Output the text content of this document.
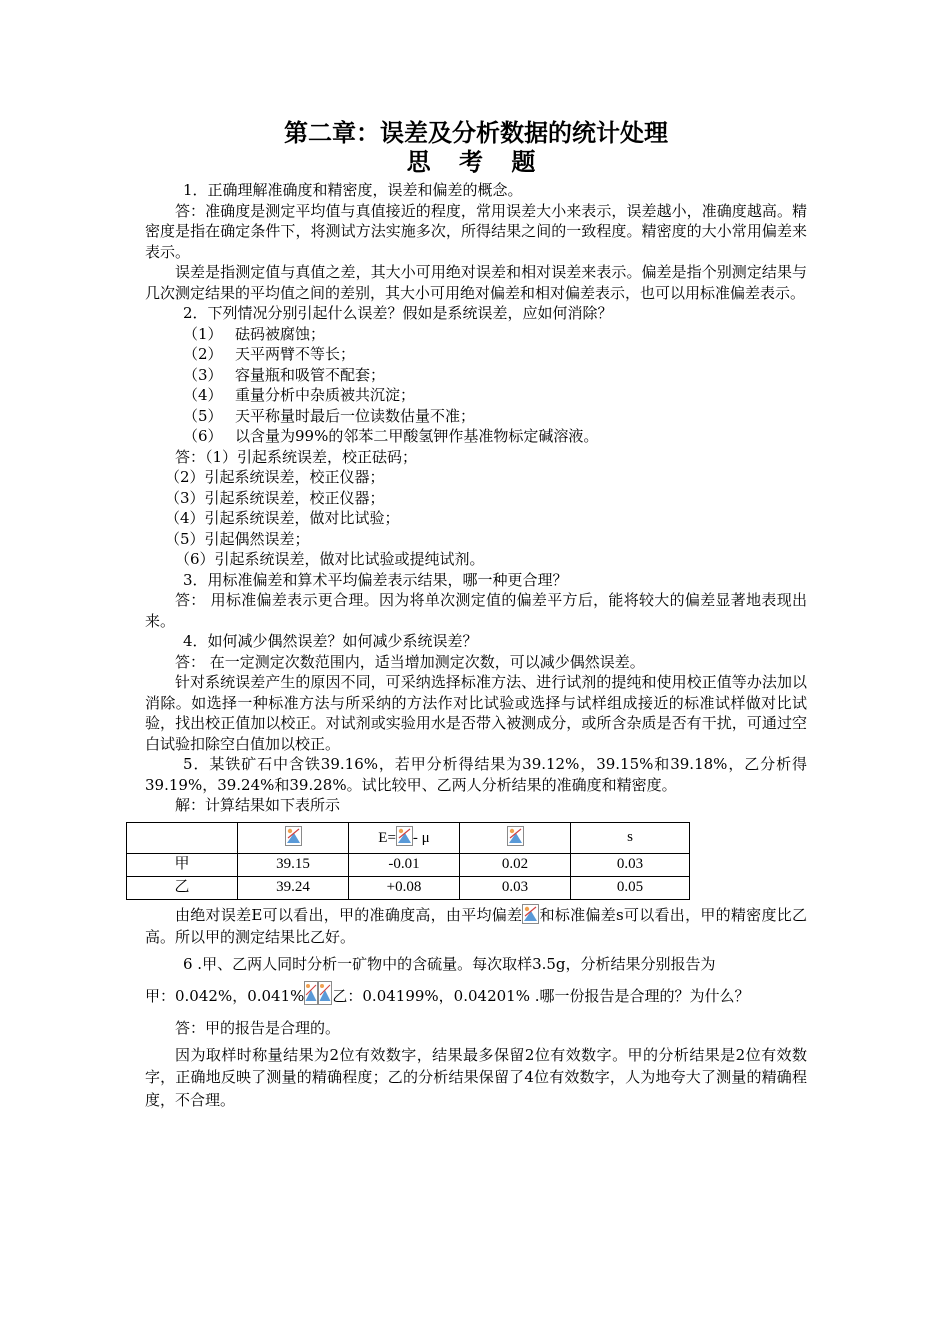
第二章：误差及分析数据的统计处理
思 考 题

1．正确理解准确度和精密度，误差和偏差的概念。

答：准确度是测定平均值与真值接近的程度，常用误差大小来表示，误差越小，准确度越高。精密度是指在确定条件下，将测试方法实施多次，所得结果之间的一致程度。精密度的大小常用偏差来表示。

误差是指测定值与真值之差，其大小可用绝对误差和相对误差来表示。偏差是指个别测定结果与几次测定结果的平均值之间的差别，其大小可用绝对偏差和相对偏差表示，也可以用标准偏差表示。

2．下列情况分别引起什么误差？假如是系统误差，应如何消除？

（1） 砝码被腐蚀；

（2） 天平两臂不等长；

（3） 容量瓶和吸管不配套；

（4） 重量分析中杂质被共沉淀；

（5） 天平称量时最后一位读数估量不准；

（6） 以含量为99%的邻苯二甲酸氢钾作基准物标定碱溶液。

答：（1）引起系统误差，校正砝码；

（2）引起系统误差，校正仪器；

（3）引起系统误差，校正仪器；

（4）引起系统误差，做对比试验；

（5）引起偶然误差；

（6）引起系统误差，做对比试验或提纯试剂。

3．用标准偏差和算术平均偏差表示结果，哪一种更合理？

答： 用标准偏差表示更合理。因为将单次测定值的偏差平方后，能将较大的偏差显著地表现出来。

4．如何减少偶然误差？如何减少系统误差？

答： 在一定测定次数范围内，适当增加测定次数，可以减少偶然误差。

针对系统误差产生的原因不同，可采纳选择标准方法、进行试剂的提纯和使用校正值等办法加以消除。如选择一种标准方法与所采纳的方法作对比试验或选择与试样组成接近的标准试样做对比试验，找出校正值加以校正。对试剂或实验用水是否带入被测成分，或所含杂质是否有干扰，可通过空白试验扣除空白值加以校正。

5．某铁矿石中含铁39.16%，若甲分析得结果为39.12%，39.15%和39.18%，乙分析得39.19%，39.24%和39.28%。试比较甲、乙两人分析结果的准确度和精密度。

解：计算结果如下表所示

	E= - μ		s
甲	39.15	-0.01	0.02	0.03
乙	39.24	+0.08	0.03	0.05

由绝对误差E可以看出，甲的准确度高，由平均偏差 和标准偏差s可以看出，甲的精密度比乙高。所以甲的测定结果比乙好。

6 .甲、乙两人同时分析一矿物中的含硫量。每次取样3.5g，分析结果分别报告为

甲：0.042%，0.041% 乙：0.04199%，0.04201% .哪一份报告是合理的？为什么？

答：甲的报告是合理的。

因为取样时称量结果为2位有效数字，结果最多保留2位有效数字。甲的分析结果是2位有效数字，正确地反映了测量的精确程度；乙的分析结果保留了4位有效数字，人为地夸大了测量的精确程度，不合理。
